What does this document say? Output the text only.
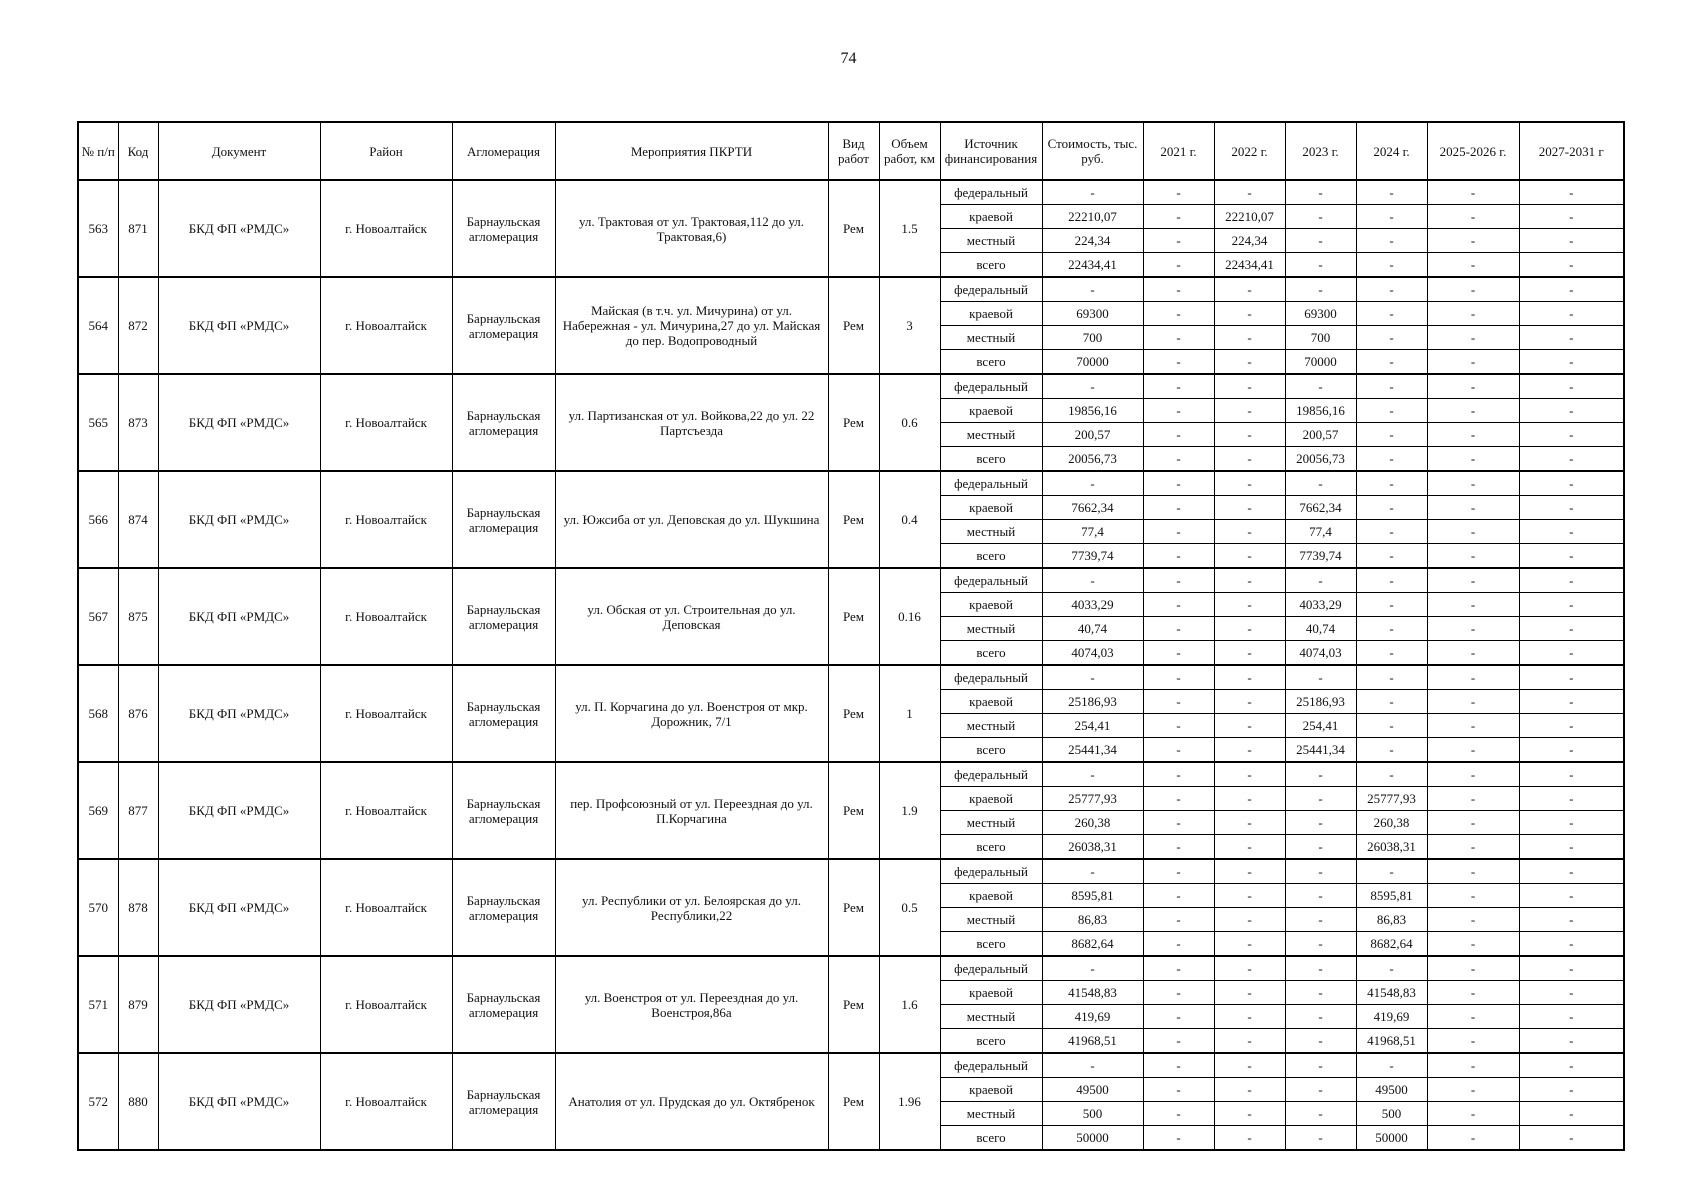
74
№ п/п	Код	Документ	Район	Агломерация	Мероприятия ПКРТИ	Вид работ	Объем работ, км	Источник финансирования	Стоимость, тыс. руб.	2021 г.	2022 г.	2023 г.	2024 г.	2025-2026 г.	2027-2031 г
563	871	БКД ФП «РМДС»	г. Новоалтайск	Барнаульская агломерация	ул. Трактовая от ул. Трактовая,112 до ул. Трактовая,6)	Рем	1.5	федеральный	-	-	-	-	-	-	-
								краевой	22210,07	-	22210,07	-	-	-	-
								местный	224,34	-	224,34	-	-	-	-
								всего	22434,41	-	22434,41	-	-	-	-
564	872	БКД ФП «РМДС»	г. Новоалтайск	Барнаульская агломерация	Майская (в т.ч. ул. Мичурина) от ул. Набережная - ул. Мичурина,27 до ул. Майская до пер. Водопроводный	Рем	3	федеральный	-	-	-	-	-	-	-
								краевой	69300	-	-	69300	-	-	-
								местный	700	-	-	700	-	-	-
								всего	70000	-	-	70000	-	-	-
565	873	БКД ФП «РМДС»	г. Новоалтайск	Барнаульская агломерация	ул. Партизанская от ул. Войкова,22 до ул. 22 Партсъезда	Рем	0.6	федеральный	-	-	-	-	-	-	-
								краевой	19856,16	-	-	19856,16	-	-	-
								местный	200,57	-	-	200,57	-	-	-
								всего	20056,73	-	-	20056,73	-	-	-
566	874	БКД ФП «РМДС»	г. Новоалтайск	Барнаульская агломерация	ул. Южсиба от ул. Деповская до ул. Шукшина	Рем	0.4	федеральный	-	-	-	-	-	-	-
								краевой	7662,34	-	-	7662,34	-	-	-
								местный	77,4	-	-	77,4	-	-	-
								всего	7739,74	-	-	7739,74	-	-	-
567	875	БКД ФП «РМДС»	г. Новоалтайск	Барнаульская агломерация	ул. Обская от ул. Строительная до ул. Деповская	Рем	0.16	федеральный	-	-	-	-	-	-	-
								краевой	4033,29	-	-	4033,29	-	-	-
								местный	40,74	-	-	40,74	-	-	-
								всего	4074,03	-	-	4074,03	-	-	-
568	876	БКД ФП «РМДС»	г. Новоалтайск	Барнаульская агломерация	ул. П. Корчагина до ул. Военстроя от мкр. Дорожник, 7/1	Рем	1	федеральный	-	-	-	-	-	-	-
								краевой	25186,93	-	-	25186,93	-	-	-
								местный	254,41	-	-	254,41	-	-	-
								всего	25441,34	-	-	25441,34	-	-	-
569	877	БКД ФП «РМДС»	г. Новоалтайск	Барнаульская агломерация	пер. Профсоюзный от ул. Переездная до ул. П.Корчагина	Рем	1.9	федеральный	-	-	-	-	-	-	-
								краевой	25777,93	-	-	-	25777,93	-	-
								местный	260,38	-	-	-	260,38	-	-
								всего	26038,31	-	-	-	26038,31	-	-
570	878	БКД ФП «РМДС»	г. Новоалтайск	Барнаульская агломерация	ул. Республики от ул. Белоярская до ул. Республики,22	Рем	0.5	федеральный	-	-	-	-	-	-	-
								краевой	8595,81	-	-	-	8595,81	-	-
								местный	86,83	-	-	-	86,83	-	-
								всего	8682,64	-	-	-	8682,64	-	-
571	879	БКД ФП «РМДС»	г. Новоалтайск	Барнаульская агломерация	ул. Военстроя от ул. Переездная до ул. Военстроя,86а	Рем	1.6	федеральный	-	-	-	-	-	-	-
								краевой	41548,83	-	-	-	41548,83	-	-
								местный	419,69	-	-	-	419,69	-	-
								всего	41968,51	-	-	-	41968,51	-	-
572	880	БКД ФП «РМДС»	г. Новоалтайск	Барнаульская агломерация	Анатолия от ул. Прудская до ул. Октябренок	Рем	1.96	федеральный	-	-	-	-	-	-	-
								краевой	49500	-	-	-	49500	-	-
								местный	500	-	-	-	500	-	-
								всего	50000	-	-	-	50000	-	-
